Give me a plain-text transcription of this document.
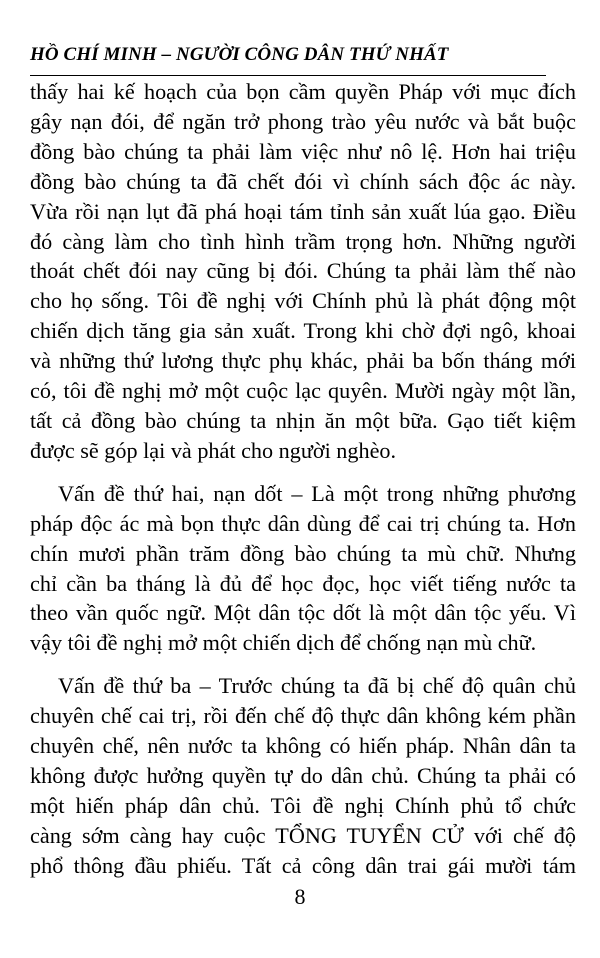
HỒ CHÍ MINH – NGƯỜI CÔNG DÂN THỨ NHẤT

thấy hai kế hoạch của bọn cầm quyền Pháp với mục đích
gây nạn đói, để ngăn trở phong trào yêu nước và bắt buộc
đồng bào chúng ta phải làm việc như nô lệ. Hơn hai triệu
đồng bào chúng ta đã chết đói vì chính sách độc ác này.
Vừa rồi nạn lụt đã phá hoại tám tỉnh sản xuất lúa gạo. Điều
đó càng làm cho tình hình trầm trọng hơn. Những người
thoát chết đói nay cũng bị đói. Chúng ta phải làm thế nào
cho họ sống. Tôi đề nghị với Chính phủ là phát động một
chiến dịch tăng gia sản xuất. Trong khi chờ đợi ngô, khoai
và những thứ lương thực phụ khác, phải ba bốn tháng mới
có, tôi đề nghị mở một cuộc lạc quyên. Mười ngày một lần,
tất cả đồng bào chúng ta nhịn ăn một bữa. Gạo tiết kiệm
được sẽ góp lại và phát cho người nghèo.

Vấn đề thứ hai, nạn dốt – Là một trong những phương
pháp độc ác mà bọn thực dân dùng để cai trị chúng ta. Hơn
chín mươi phần trăm đồng bào chúng ta mù chữ. Nhưng
chỉ cần ba tháng là đủ để học đọc, học viết tiếng nước ta
theo vần quốc ngữ. Một dân tộc dốt là một dân tộc yếu. Vì
vậy tôi đề nghị mở một chiến dịch để chống nạn mù chữ.

Vấn đề thứ ba – Trước chúng ta đã bị chế độ quân chủ
chuyên chế cai trị, rồi đến chế độ thực dân không kém phần
chuyên chế, nên nước ta không có hiến pháp. Nhân dân ta
không được hưởng quyền tự do dân chủ. Chúng ta phải có
một hiến pháp dân chủ. Tôi đề nghị Chính phủ tổ chức
càng sớm càng hay cuộc TỔNG TUYỂN CỬ với chế độ
phổ thông đầu phiếu. Tất cả công dân trai gái mười tám

8
